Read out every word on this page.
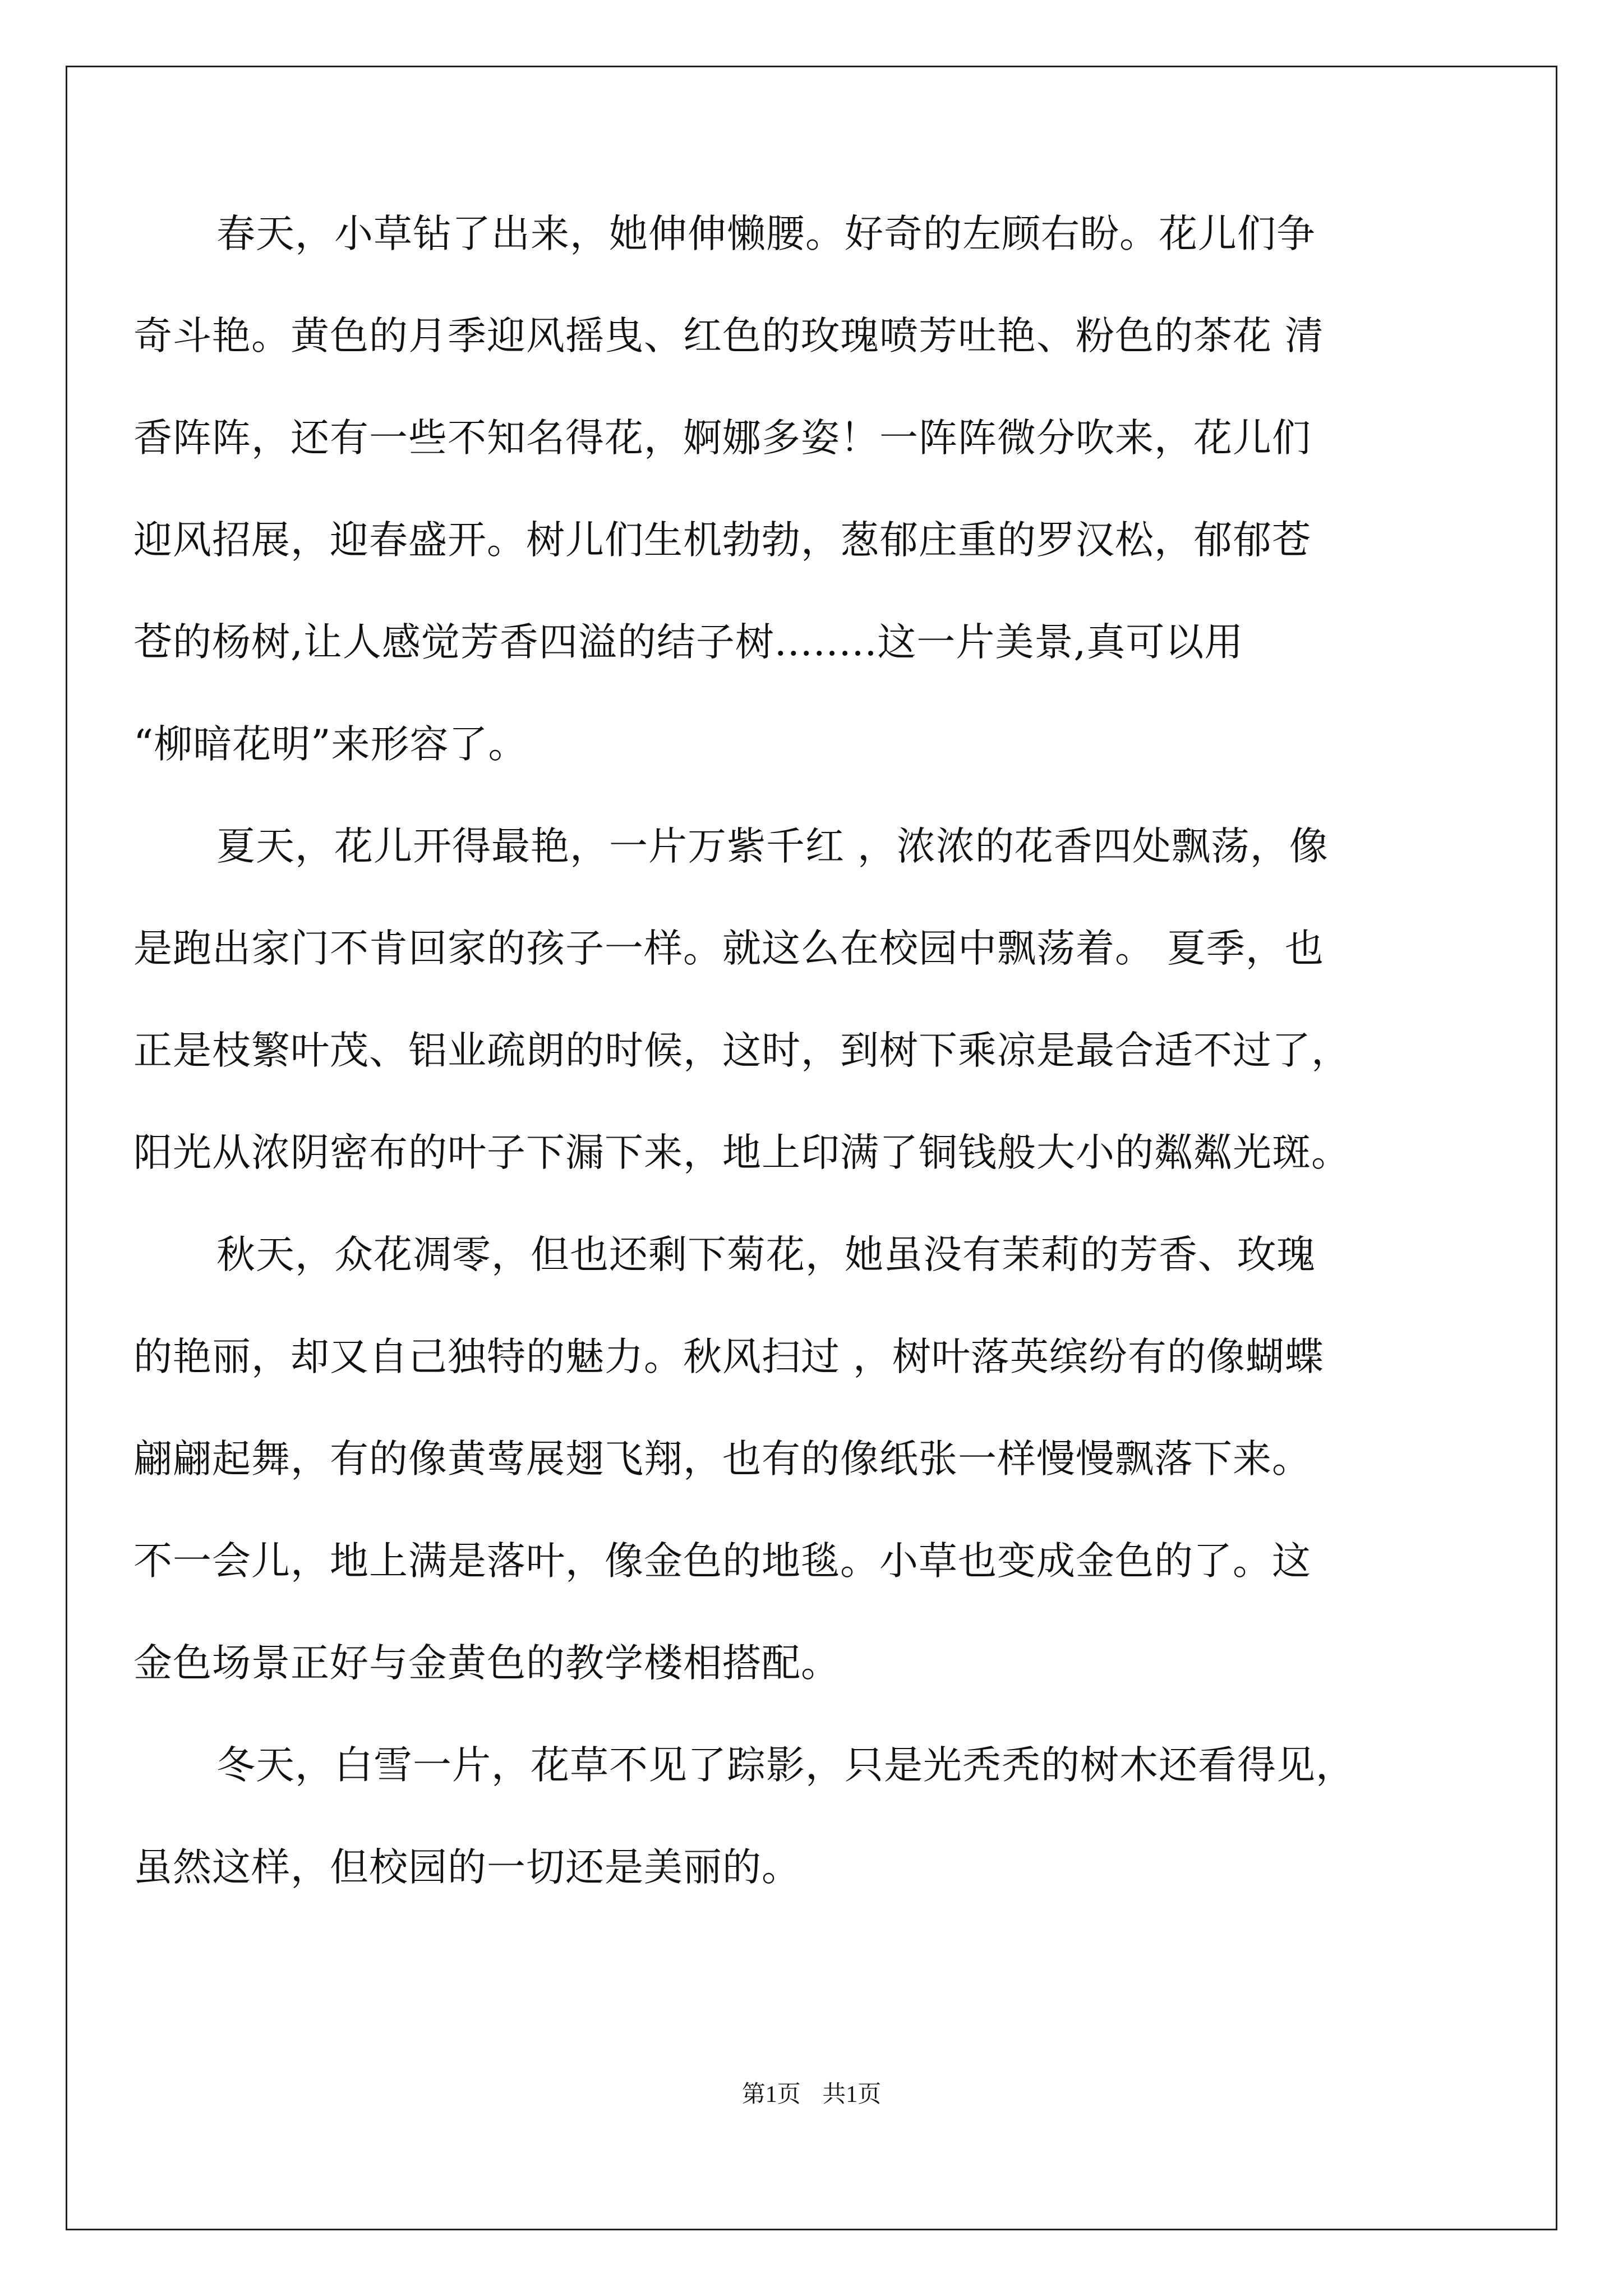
春天，小草钻了出来，她伸伸懒腰。好奇的左顾右盼。花儿们争
奇斗艳。黄色的月季迎风摇曳、红色的玫瑰喷芳吐艳、粉色的茶花 清
香阵阵，还有一些不知名得花，婀娜多姿！一阵阵微分吹来，花儿们
迎风招展，迎春盛开。树儿们生机勃勃，葱郁庄重的罗汉松，郁郁苍
苍的杨树,让人感觉芳香四溢的结子树........这一片美景,真可以用
“柳暗花明”来形容了。
夏天，花儿开得最艳，一片万紫千红 ，浓浓的花香四处飘荡，像
是跑出家门不肯回家的孩子一样。就这么在校园中飘荡着。 夏季，也
正是枝繁叶茂、铝业疏朗的时候，这时，到树下乘凉是最合适不过了，
阳光从浓阴密布的叶子下漏下来，地上印满了铜钱般大小的粼粼光斑。
秋天，众花凋零，但也还剩下菊花，她虽没有茉莉的芳香、玫瑰
的艳丽，却又自己独特的魅力。秋风扫过 ，树叶落英缤纷有的像蝴蝶
翩翩起舞，有的像黄莺展翅飞翔，也有的像纸张一样慢慢飘落下来。
不一会儿，地上满是落叶，像金色的地毯。小草也变成金色的了。这
金色场景正好与金黄色的教学楼相搭配。
冬天，白雪一片，花草不见了踪影，只是光秃秃的树木还看得见，
虽然这样，但校园的一切还是美丽的。
第1页 共1页
